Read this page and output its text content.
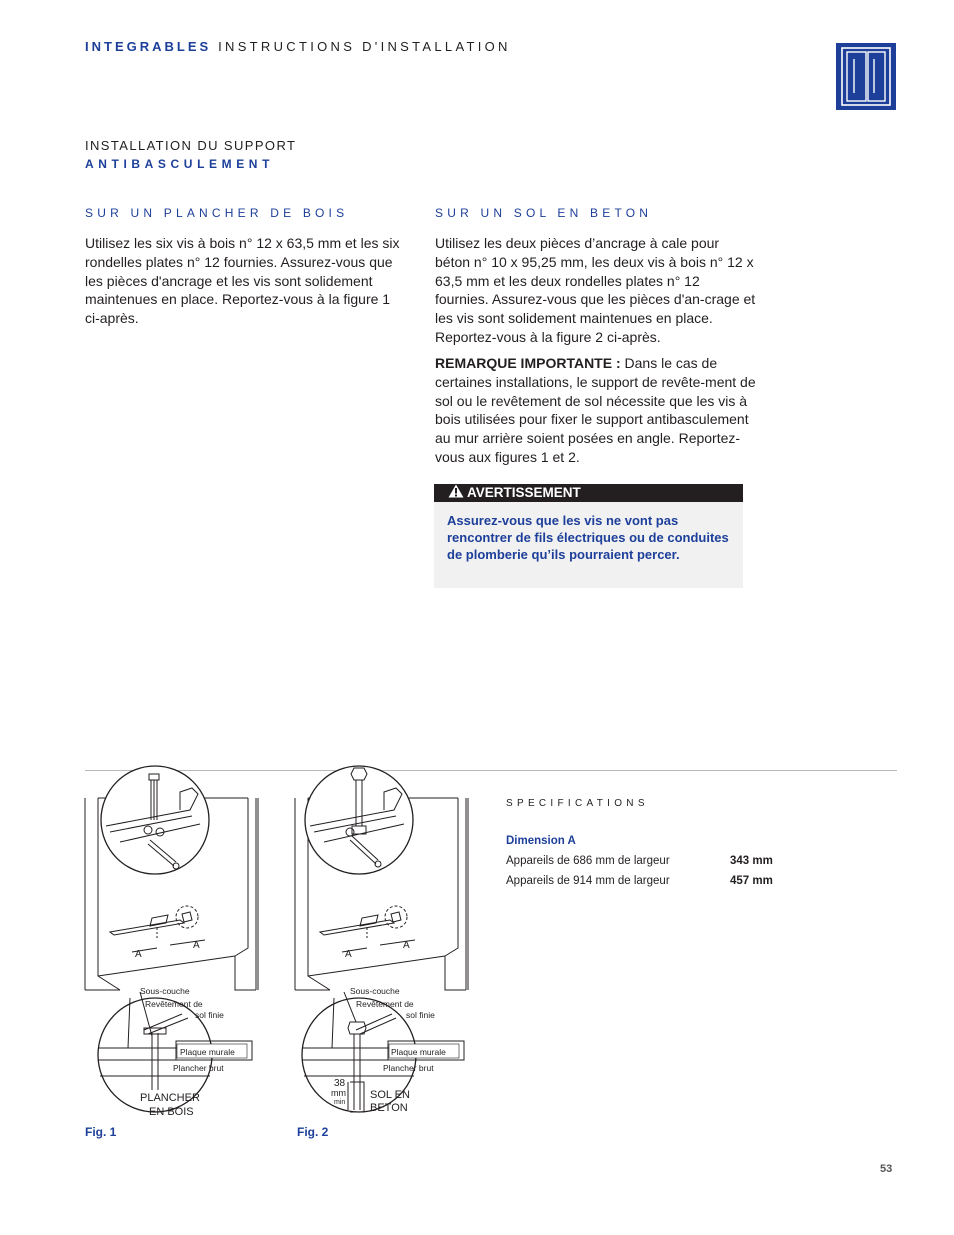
INTEGRABLES INSTRUCTIONS D'INSTALLATION
INSTALLATION DU SUPPORT
ANTIBASCULEMENT
SUR UN PLANCHER DE BOIS
Utilisez les six vis à bois n° 12 x 63,5 mm et les six rondelles plates n° 12 fournies. Assurez-vous que les pièces d'ancrage et les vis sont solidement maintenues en place. Reportez-vous à la figure 1 ci-après.
SUR UN SOL EN BETON
Utilisez les deux pièces d’ancrage à cale pour béton n° 10 x 95,25 mm, les deux vis à bois n° 12 x 63,5 mm et les deux rondelles plates n° 12 fournies. Assurez-vous que les pièces d'an-crage et les vis sont solidement maintenues en place. Reportez-vous à la figure 2 ci-après.
REMARQUE IMPORTANTE : Dans le cas de certaines installations, le support de revête-ment de sol ou le revêtement de sol nécessite que les vis à bois utilisées pour fixer le support antibasculement au mur arrière soient posées en angle. Reportez-vous aux figures 1 et 2.
AVERTISSEMENT
Assurez-vous que les vis ne vont pas rencontrer de fils électriques ou de conduites de plomberie qu’ils pourraient percer.
A
A
Sous-couche
Revêtement de
sol finie
Plaque murale
Plancher brut
PLANCHER
EN BOIS
A
A
Sous-couche
Revêtement de
sol finie
Plaque murale
Plancher brut
38
mm
min
SOL EN
BETON
SPECIFICATIONS
Dimension A
Appareils de 686 mm de largeur	343 mm
Appareils de 914 mm de largeur	457 mm
Fig. 1	Fig. 2
53
